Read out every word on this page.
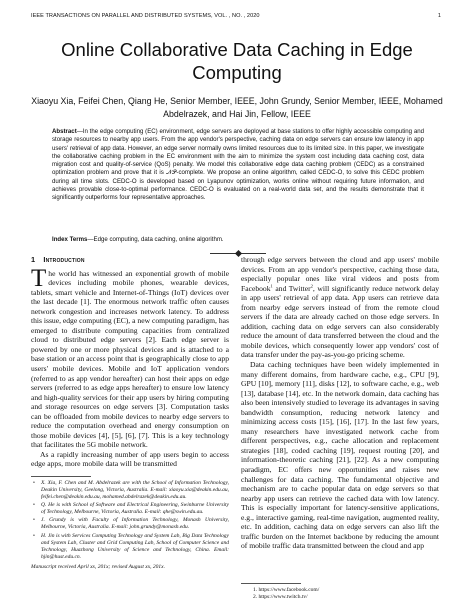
IEEE TRANSACTIONS ON PARALLEL AND DISTRIBUTED SYSTEMS, VOL. , NO. , 2020	1
Online Collaborative Data Caching in Edge Computing
Xiaoyu Xia, Feifei Chen, Qiang He, Senior Member, IEEE, John Grundy, Senior Member, IEEE, Mohamed
Abdelrazek, and Hai Jin, Fellow, IEEE
Abstract—In the edge computing (EC) environment, edge servers are deployed at base stations to offer highly accessible computing and storage resources to nearby app users. From the app vendor's perspective, caching data on edge servers can ensure low latency in app users' retrieval of app data. However, an edge server normally owns limited resources due to its limited size. In this paper, we investigate the collaborative caching problem in the EC environment with the aim to minimize the system cost including data caching cost, data migration cost and quality-of-service (QoS) penalty. We model this collaborative edge data caching problem (CEDC) as a constrained optimization problem and prove that it is 𝒩𝒫-complete. We propose an online algorithm, called CEDC-O, to solve this CEDC problem during all time slots. CEDC-O is developed based on Lyapunov optimization, works online without requiring future information, and achieves provable close-to-optimal performance. CEDC-O is evaluated on a real-world data set, and the results demonstrate that it significantly outperforms four representative approaches.
Index Terms—Edge computing, data caching, online algorithm.
1 Introduction

The world has witnessed an exponential growth of mobile devices including mobile phones, wearable devices, tablets, smart vehicle and Internet-of-Things (IoT) devices over the last decade [1]. The enormous network traffic often causes network congestion and increases network latency. To address this issue, edge computing (EC), a new computing paradigm, has emerged to distribute computing capacities from centralized cloud to distributed edge servers [2]. Each edge server is powered by one or more physical devices and is attached to a base station or an access point that is geographically close to app users' mobile devices. Mobile and IoT application vendors (referred to as app vendor hereafter) can host their apps on edge servers (referred to as edge apps hereafter) to ensure low latency and high-quality services for their app users by hiring computing and storage resources on edge servers [3]. Computation tasks can be offloaded from mobile devices to nearby edge servers to reduce the computation overhead and energy consumption on those mobile devices [4], [5], [6], [7]. This is a key technology that facilitates the 5G mobile network.

As a rapidly increasing number of app users begin to access edge apps, more mobile data will be transmitted

through edge servers between the cloud and app users' mobile devices. From an app vendor's perspective, caching those data, especially popular ones like viral videos and posts from Facebook$^1$ and Twitter$^2$, will significantly reduce network delay in app users' retrieval of app data. App users can retrieve data from nearby edge servers instead of from the remote cloud servers if the data are already cached on those edge servers. In addition, caching data on edge servers can also considerably reduce the amount of data transferred between the cloud and the mobile devices, which consequently lower app vendors' cost of data transfer under the pay-as-you-go pricing scheme.

Data caching techniques have been widely implemented in many different domains, from hardware cache, e.g., CPU [9], GPU [10], memory [11], disks [12], to software cache, e.g., web [13], database [14], etc. In the network domain, data caching has also been intensively studied to leverage its advantages in saving bandwidth consumption, reducing network latency and minimizing access costs [15], [16], [17]. In the last few years, many researchers have investigated network cache from different perspectives, e.g., cache allocation and replacement strategies [18], coded caching [19], request routing [20], and information-theoretic caching [21], [22]. As a new computing paradigm, EC offers new opportunities and raises new challenges for data caching. The fundamental objective and mechanism are to cache popular data on edge servers so that nearby app users can retrieve the cached data with low latency. This is especially important for latency-sensitive applications, e.g., interactive gaming, real-time navigation, augmented reality, etc. In addition, caching data on edge servers can also lift the traffic burden on the Internet backbone by reducing the amount of mobile traffic data transmitted between the cloud and app

• X. Xia, F. Chen and M. Abdelrazek are with the School of Information Technology, Deakin University, Geelong, Victoria, Australia. E-mail: xiaoyu.xia@deakin.edu.au, feifei.chen@deakin.edu.au, mohamed.abdelrazek@deakin.edu.au.
• Q. He is with School of Software and Electrical Engineering, Swinburne University of Technology, Melbourne, Victoria, Australia. E-mail: qhe@swin.edu.au.
• J. Grundy is with Faculty of Information Technology, Monash University, Melbourne, Victoria, Australia. E-mail: john.grundy@monash.edu.
• H. Jin is with Services Computing Technology and System Lab, Big Data Technology and System Lab, Cluster and Grid Computing Lab, School of Computer Science and Technology, Huazhong University of Science and Technology, China. Email: hjin@hust.edu.cn.
Manuscript received April xx, 201x; revised August xx, 201x.
1. https://www.facebook.com/
2. https://www.twitch.tv/
